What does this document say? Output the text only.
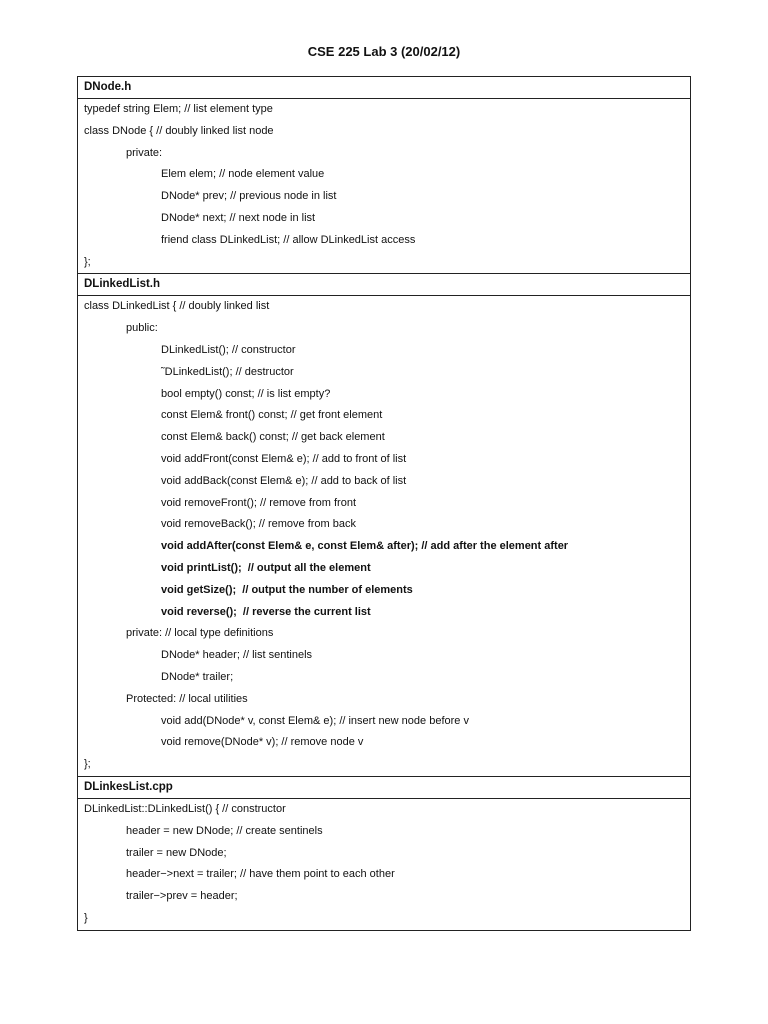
CSE 225 Lab 3 (20/02/12)
DNode.h
typedef string Elem; // list element type
class DNode { // doubly linked list node
private:
Elem elem; // node element value
DNode* prev; // previous node in list
DNode* next; // next node in list
friend class DLinkedList; // allow DLinkedList access
};
DLinkedList.h
class DLinkedList { // doubly linked list
public:
DLinkedList(); // constructor
˜DLinkedList(); // destructor
bool empty() const; // is list empty?
const Elem& front() const; // get front element
const Elem& back() const; // get back element
void addFront(const Elem& e); // add to front of list
void addBack(const Elem& e); // add to back of list
void removeFront(); // remove from front
void removeBack(); // remove from back
void addAfter(const Elem& e, const Elem& after); // add after the element after
void printList();  // output all the element
void getSize();  // output the number of elements
void reverse();  // reverse the current list
private: // local type definitions
DNode* header; // list sentinels
DNode* trailer;
Protected: // local utilities
void add(DNode* v, const Elem& e); // insert new node before v
void remove(DNode* v); // remove node v
};
DLinkesList.cpp
DLinkedList::DLinkedList() { // constructor
header = new DNode; // create sentinels
trailer = new DNode;
header−>next = trailer; // have them point to each other
trailer−>prev = header;
}
